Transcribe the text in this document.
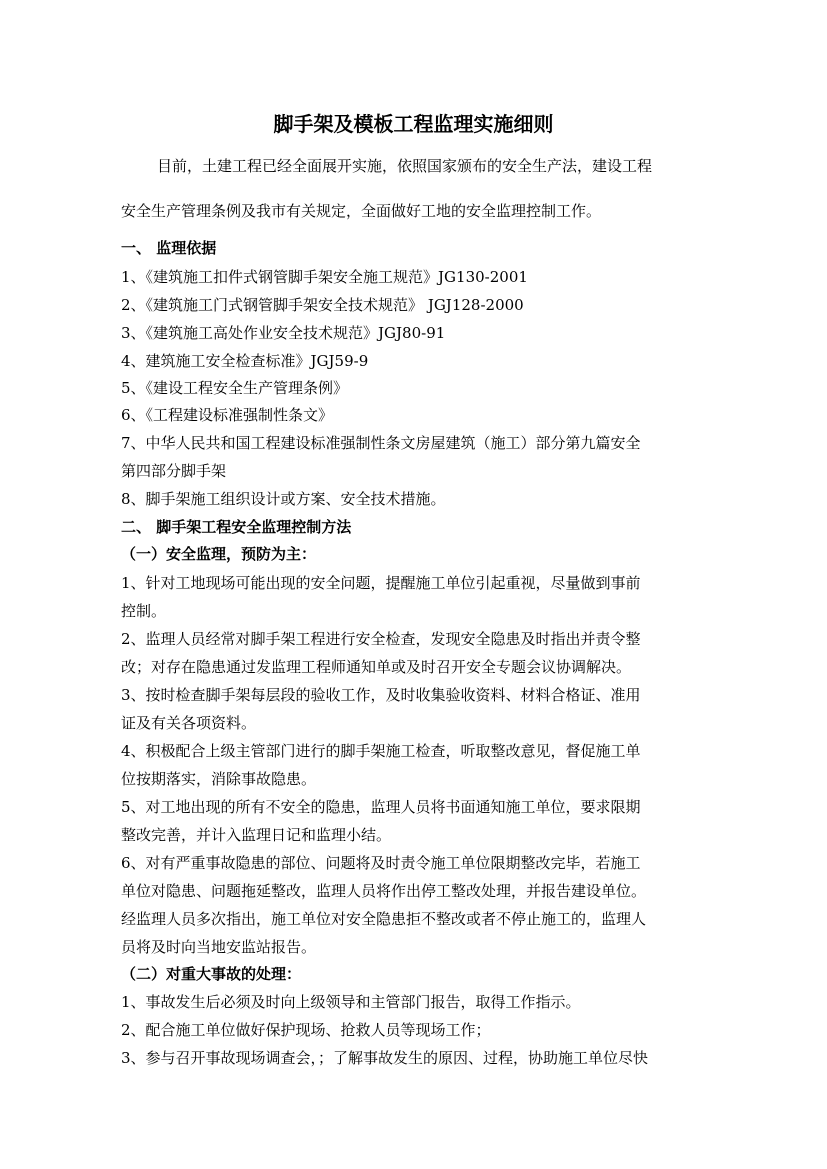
脚手架及模板工程监理实施细则
目前，土建工程已经全面展开实施，依照国家颁布的安全生产法，建设工程
安全生产管理条例及我市有关规定，全面做好工地的安全监理控制工作。
一、 监理依据
1、《建筑施工扣件式钢管脚手架安全施工规范》JG130-2001
2、《建筑施工门式钢管脚手架安全技术规范》 JGJ128-2000
3、《建筑施工高处作业安全技术规范》JGJ80-91
4、建筑施工安全检查标准》JGJ59-9
5、《建设工程安全生产管理条例》
6、《工程建设标准强制性条文》
7、中华人民共和国工程建设标准强制性条文房屋建筑（施工）部分第九篇安全
第四部分脚手架
8、脚手架施工组织设计或方案、安全技术措施。
二、 脚手架工程安全监理控制方法
（一）安全监理，预防为主：
1、针对工地现场可能出现的安全问题，提醒施工单位引起重视，尽量做到事前
控制。
2、监理人员经常对脚手架工程进行安全检查，发现安全隐患及时指出并责令整
改；对存在隐患通过发监理工程师通知单或及时召开安全专题会议协调解决。
3、按时检查脚手架每层段的验收工作，及时收集验收资料、材料合格证、准用
证及有关各项资料。
4、积极配合上级主管部门进行的脚手架施工检查，听取整改意见，督促施工单
位按期落实，消除事故隐患。
5、对工地出现的所有不安全的隐患，监理人员将书面通知施工单位，要求限期
整改完善，并计入监理日记和监理小结。
6、对有严重事故隐患的部位、问题将及时责令施工单位限期整改完毕，若施工
单位对隐患、问题拖延整改，监理人员将作出停工整改处理，并报告建设单位。
经监理人员多次指出，施工单位对安全隐患拒不整改或者不停止施工的，监理人
员将及时向当地安监站报告。
（二）对重大事故的处理：
1、事故发生后必须及时向上级领导和主管部门报告，取得工作指示。
2、配合施工单位做好保护现场、抢救人员等现场工作；
3、参与召开事故现场调查会，；了解事故发生的原因、过程，协助施工单位尽快
